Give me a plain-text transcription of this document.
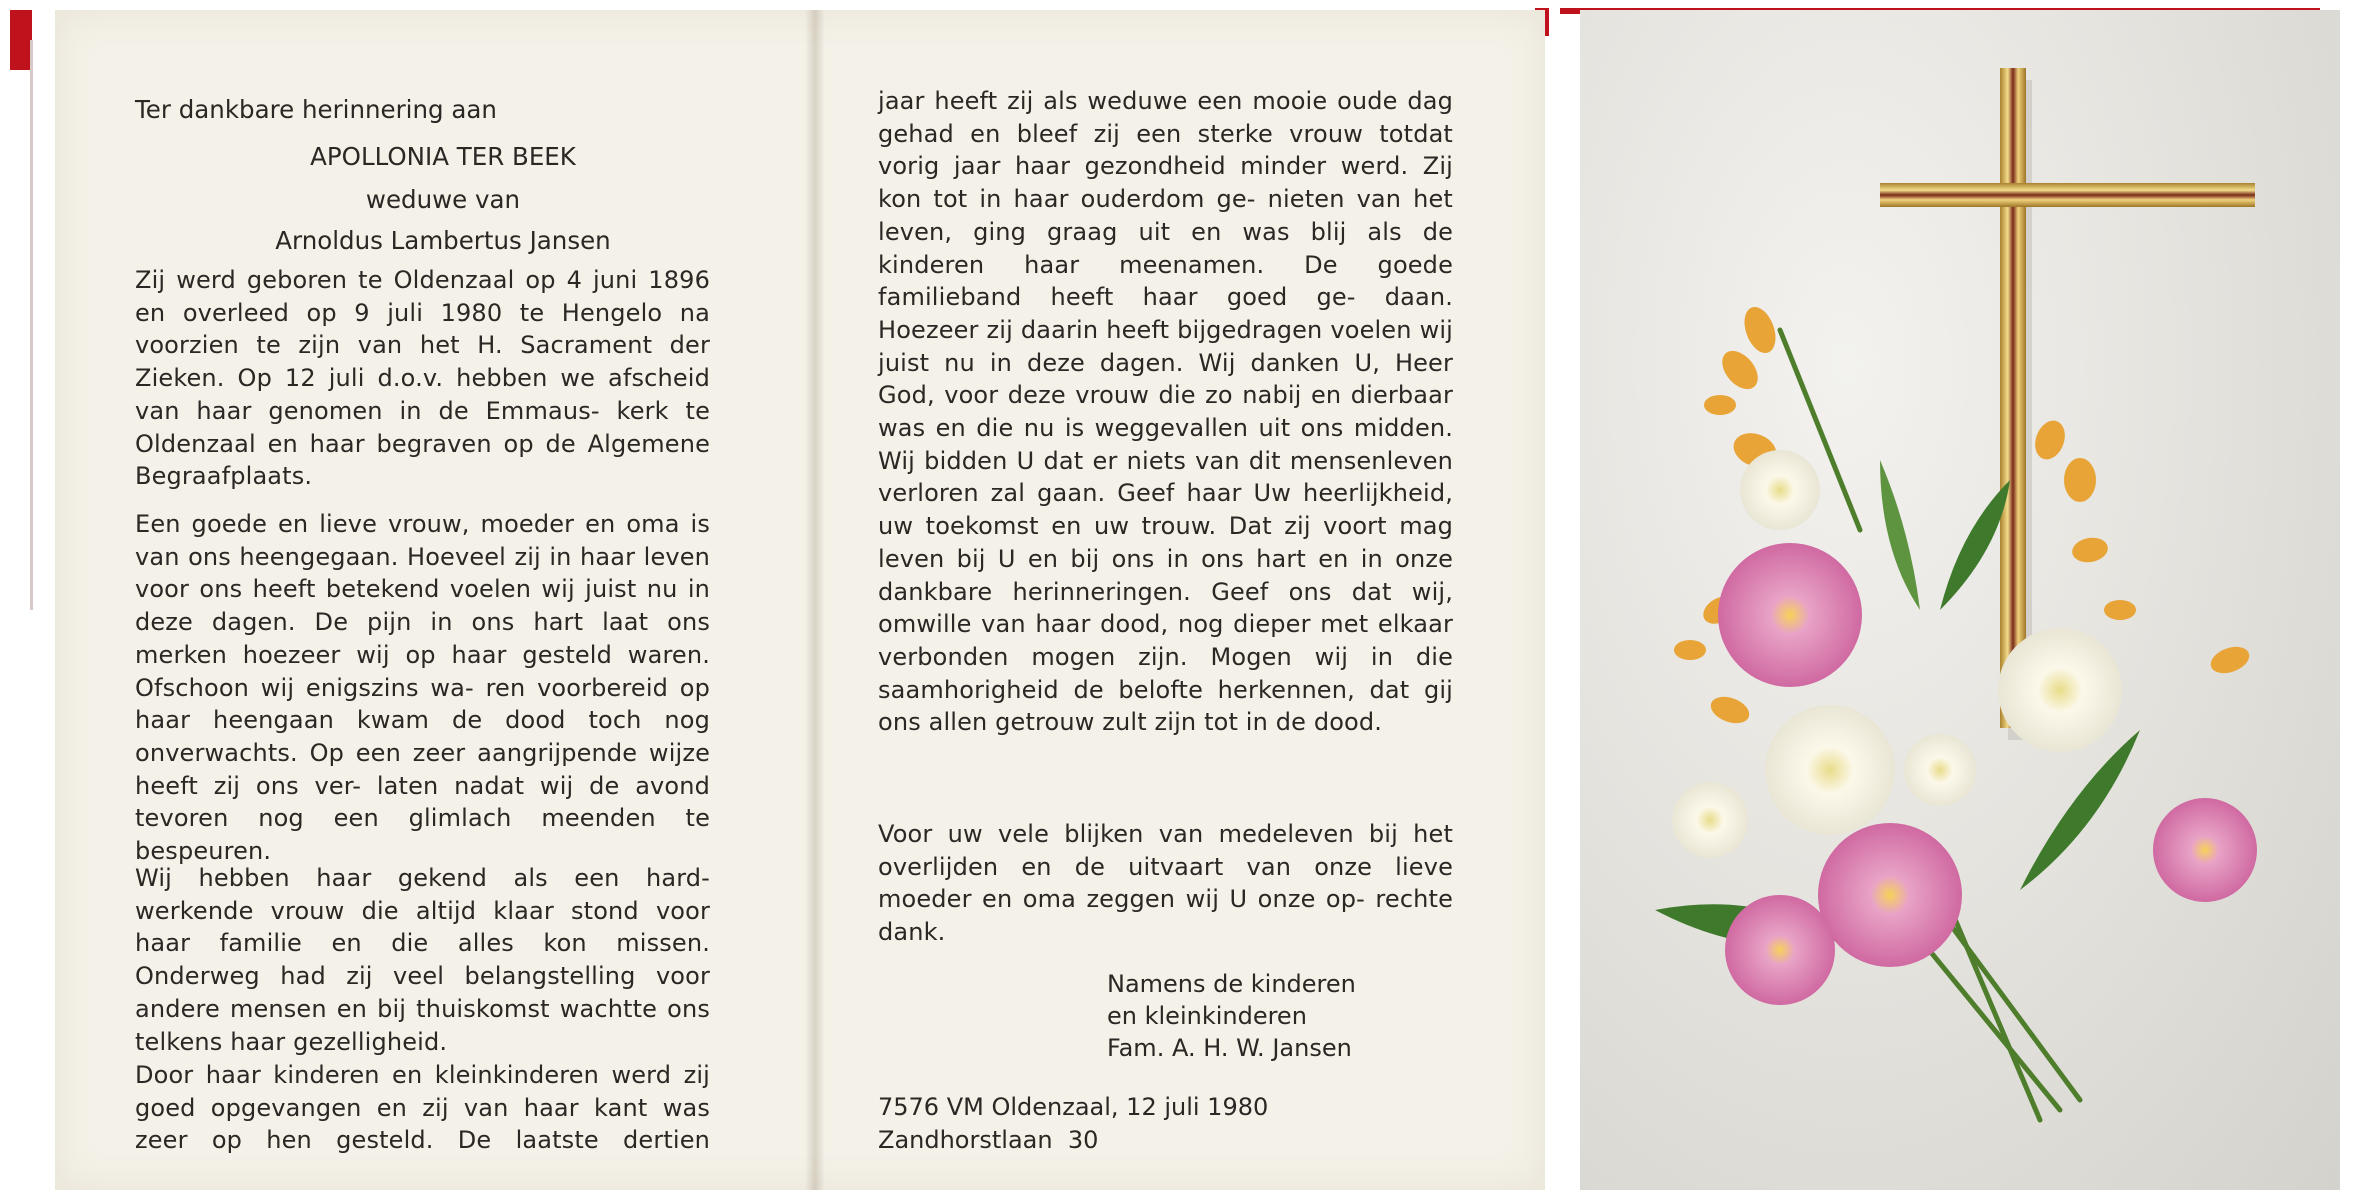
Ter dankbare herinnering aan
APOLLONIA TER BEEK
weduwe van
Arnoldus Lambertus Jansen
Zij werd geboren te Oldenzaal op 4 juni 1896 en overleed op 9 juli 1980 te Hengelo na voorzien te zijn van het H. Sacrament der Zieken. Op 12 juli d.o.v. hebben we afscheid van haar genomen in de Emmaus- kerk te Oldenzaal en haar begraven op de Algemene Begraafplaats.
Een goede en lieve vrouw, moeder en oma is van ons heengegaan. Hoeveel zij in haar leven voor ons heeft betekend voelen wij juist nu in deze dagen. De pijn in ons hart laat ons merken hoezeer wij op haar gesteld waren. Ofschoon wij enigszins wa- ren voorbereid op haar heengaan kwam de dood toch nog onverwachts. Op een zeer aangrijpende wijze heeft zij ons ver- laten nadat wij de avond tevoren nog een glimlach meenden te bespeuren.
Wij hebben haar gekend als een hard- werkende vrouw die altijd klaar stond voor haar familie en die alles kon missen. Onderweg had zij veel belangstelling voor andere mensen en bij thuiskomst wachtte ons telkens haar gezelligheid.
Door haar kinderen en kleinkinderen werd zij goed opgevangen en zij van haar kant was zeer op hen gesteld. De laatste dertien
jaar heeft zij als weduwe een mooie oude dag gehad en bleef zij een sterke vrouw totdat vorig jaar haar gezondheid minder werd. Zij kon tot in haar ouderdom ge- nieten van het leven, ging graag uit en was blij als de kinderen haar meenamen. De goede familieband heeft haar goed ge- daan. Hoezeer zij daarin heeft bijgedragen voelen wij juist nu in deze dagen. Wij danken U, Heer God, voor deze vrouw die zo nabij en dierbaar was en die nu is weggevallen uit ons midden. Wij bidden U dat er niets van dit mensenleven verloren zal gaan. Geef haar Uw heerlijkheid, uw toekomst en uw trouw. Dat zij voort mag leven bij U en bij ons in ons hart en in onze dankbare herinneringen. Geef ons dat wij, omwille van haar dood, nog dieper met elkaar verbonden mogen zijn. Mogen wij in die saamhorigheid de belofte herkennen, dat gij ons allen getrouw zult zijn tot in de dood.
Voor uw vele blijken van medeleven bij het overlijden en de uitvaart van onze lieve moeder en oma zeggen wij U onze op- rechte dank.
Namens de kinderen
en kleinkinderen
Fam. A. H. W. Jansen
7576 VM Oldenzaal, 12 juli 1980
Zandhorstlaan  30
